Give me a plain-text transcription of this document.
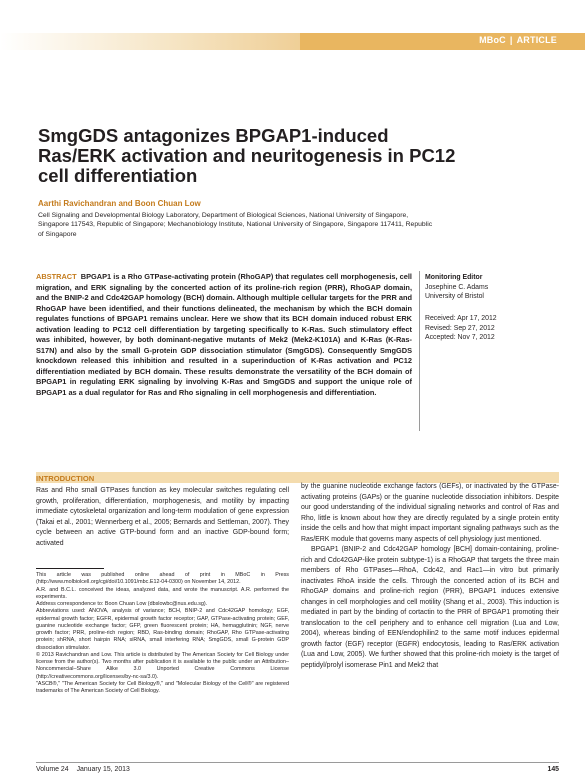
MBoC | ARTICLE
SmgGDS antagonizes BPGAP1-induced Ras/ERK activation and neuritogenesis in PC12 cell differentiation
Aarthi Ravichandran and Boon Chuan Low
Cell Signaling and Developmental Biology Laboratory, Department of Biological Sciences, National University of Singapore, Singapore 117543, Republic of Singapore; Mechanobiology Institute, National University of Singapore, Singapore 117411, Republic of Singapore

ABSTRACT BPGAP1 is a Rho GTPase-activating protein (RhoGAP) that regulates cell morphogenesis, cell migration, and ERK signaling by the concerted action of its proline-rich region (PRR), RhoGAP domain, and the BNIP-2 and Cdc42GAP homology (BCH) domain. Although multiple cellular targets for the PRR and RhoGAP have been identified, and their functions delineated, the mechanism by which the BCH domain regulates functions of BPGAP1 remains unclear. Here we show that its BCH domain induced robust ERK activation leading to PC12 cell differentiation by targeting specifically to K-Ras. Such stimulatory effect was inhibited, however, by both dominant-negative mutants of Mek2 (Mek2-K101A) and K-Ras (K-Ras-S17N) and also by the small G-protein GDP dissociation stimulator (SmgGDS). Consequently SmgGDS knockdown released this inhibition and resulted in a superinduction of K-Ras activation and PC12 differentiation mediated by BCH domain. These results demonstrate the versatility of the BCH domain of BPGAP1 in regulating ERK signaling by involving K-Ras and SmgGDS and support the unique role of BPGAP1 as a dual regulator for Ras and Rho signaling in cell morphogenesis and differentiation.

Monitoring Editor
Josephine C. Adams
University of Bristol
Received: Apr 17, 2012
Revised: Sep 27, 2012
Accepted: Nov 7, 2012
INTRODUCTION

Ras and Rho small GTPases function as key molecular switches regulating cell growth, proliferation, differentiation, morphogenesis, and motility by impacting immediate cytoskeletal organization and long-term modulation of gene expression (Takai et al., 2001; Wennerberg et al., 2005; Bernards and Settleman, 2007). They cycle between an active GTP-bound form and an inactive GDP-bound form; activated

This article was published online ahead of print in MBoC in Press (http://www.molbiolcell.org/cgi/doi/10.1091/mbc.E12-04-0300) on November 14, 2012.

A.R. and B.C.L. conceived the ideas, analyzed data, and wrote the manuscript. A.R. performed the experiments.

Address correspondence to: Boon Chuan Low (dbslowbc@nus.edu.sg).

Abbreviations used: ANOVA, analysis of variance; BCH, BNIP-2 and Cdc42GAP homology; EGF, epidermal growth factor; EGFR, epidermal growth factor receptor; GAP, GTPase-activating protein; GEF, guanine nucleotide exchange factor; GFP, green fluorescent protein; HA, hemagglutinin; NGF, nerve growth factor; PRR, proline-rich region; RBD, Ras-binding domain; RhoGAP, Rho GTPase-activating protein; shRNA, short hairpin RNA; siRNA, small interfering RNA; SmgGDS, small G-protein GDP dissociation stimulator.

© 2013 Ravichandran and Low. This article is distributed by The American Society for Cell Biology under license from the author(s). Two months after publication it is available to the public under an Attribution–Noncommercial–Share Alike 3.0 Unported Creative Commons License (http://creativecommons.org/licenses/by-nc-sa/3.0).

"ASCB®," "The American Society for Cell Biology®," and "Molecular Biology of the Cell®" are registered trademarks of The American Society of Cell Biology.

by the guanine nucleotide exchange factors (GEFs), or inactivated by the GTPase-activating proteins (GAPs) or the guanine nucleotide dissociation inhibitors. Despite our good understanding of the individual signaling networks and control of Ras and Rho, little is known about how they are directly regulated by a single protein entity inside the cells and how that might impact important signaling pathways such as the Ras/ERK module that governs many aspects of cell physiology just mentioned.

BPGAP1 (BNIP-2 and Cdc42GAP homology [BCH] domain-containing, proline-rich and Cdc42GAP-like protein subtype-1) is a RhoGAP that targets the three main members of Rho GTPases—RhoA, Cdc42, and Rac1—in vitro but primarily inactivates RhoA inside the cells. Through the concerted action of its BCH and RhoGAP domains and proline-rich region (PRR), BPGAP1 induces extensive changes in cell morphologies and cell motility (Shang et al., 2003). This induction is mediated in part by the binding of cortactin to the PRR of BPGAP1 promoting their translocation to the cell periphery and to enhance cell migration (Lua and Low, 2004), whereas binding of EEN/endophilin2 to the same motif induces epidermal growth factor (EGF) receptor (EGFR) endocytosis, leading to Ras/ERK activation (Lua and Low, 2005). We further showed that this proline-rich moiety is the target of peptidyl/prolyl isomerase Pin1 and Mek2 that

Volume 24 January 15, 2013	145
